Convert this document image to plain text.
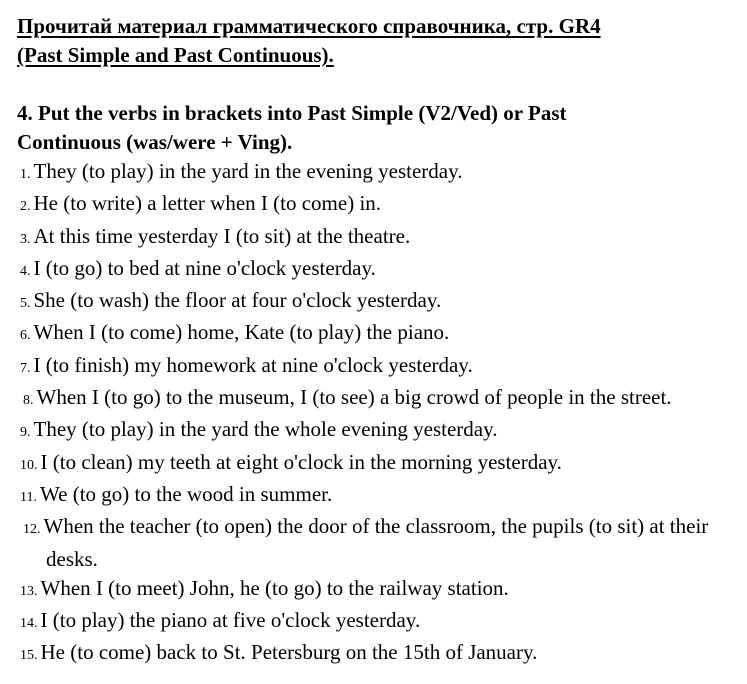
Прочитай материал грамматического справочника, стр. GR4
(Past Simple and Past Continuous).

4. Put the verbs in brackets into Past Simple (V2/Ved) or Past
Continuous (was/were + Ving).

1. They (to play) in the yard in the evening yesterday.
2. He (to write) a letter when I (to come) in.
3. At this time yesterday I (to sit) at the theatre.
4. I (to go) to bed at nine o'clock yesterday.
5. She (to wash) the floor at four o'clock yesterday.
6. When I (to come) home, Kate (to play) the piano.
7. I (to finish) my homework at nine o'clock yesterday.
8. When I (to go) to the museum, I (to see) a big crowd of people in the street.
9. They (to play) in the yard the whole evening yesterday.
10. I (to clean) my teeth at eight o'clock in the morning yesterday.
11. We (to go) to the wood in summer.
12. When the teacher (to open) the door of the classroom, the pupils (to sit) at their desks.
13. When I (to meet) John, he (to go) to the railway station.
14. I (to play) the piano at five o'clock yesterday.
15. He (to come) back to St. Petersburg on the 15th of January.
